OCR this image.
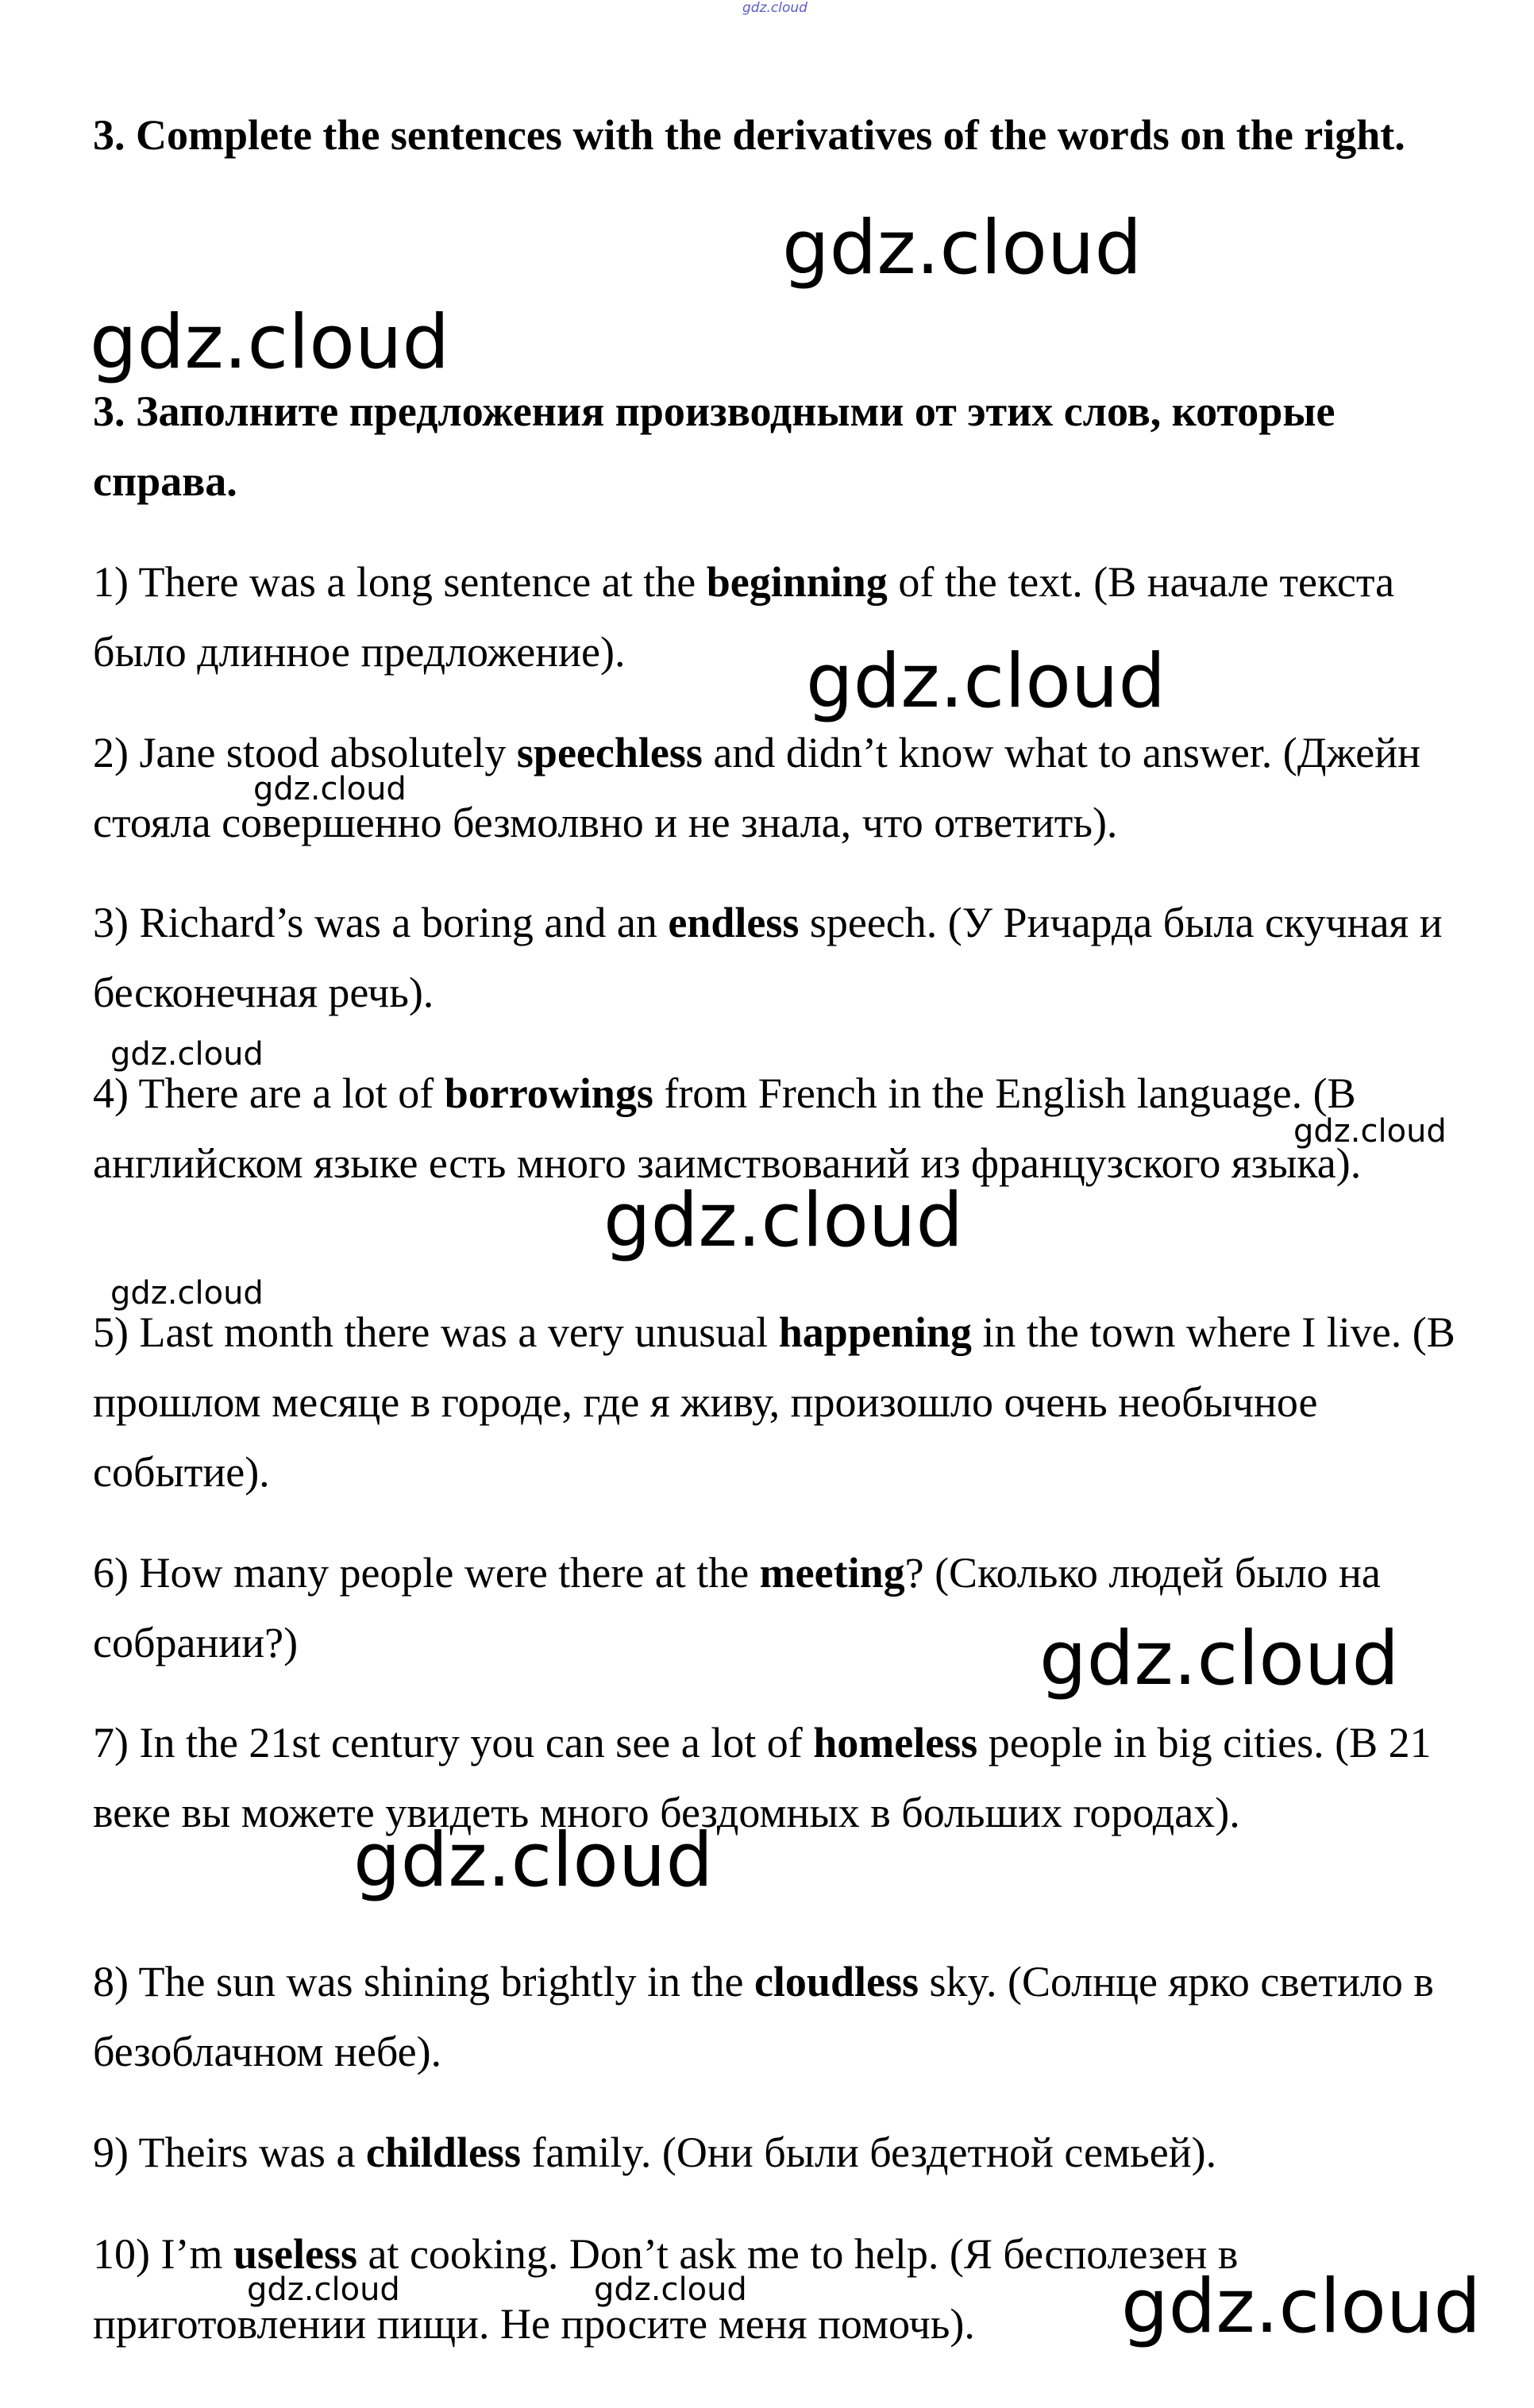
gdz.cloud
3. Complete the sentences with the derivatives of the words on the right.
3. Заполните предложения производными от этих слов, которые справа.
1) There was a long sentence at the beginning of the text. (В начале текста было длинное предложение).
2) Jane stood absolutely speechless and didn’t know what to answer. (Джейн стояла совершенно безмолвно и не знала, что ответить).
3) Richard’s was a boring and an endless speech. (У Ричарда была скучная и бесконечная речь).
4) There are a lot of borrowings from French in the English language. (В английском языке есть много заимствований из французского языка).
5) Last month there was a very unusual happening in the town where I live. (В прошлом месяце в городе, где я живу, произошло очень необычное событие).
6) How many people were there at the meeting? (Сколько людей было на собрании?)
7) In the 21st century you can see a lot of homeless people in big cities. (В 21 веке вы можете увидеть много бездомных в больших городах).
8) The sun was shining brightly in the cloudless sky. (Солнце ярко светило в безоблачном небе).
9) Theirs was a childless family. (Они были бездетной семьей).
10) I’m useless at cooking. Don’t ask me to help. (Я бесполезен в приготовлении пищи. Не просите меня помочь).
gdz.cloud
gdz.cloud
gdz.cloud
gdz.cloud
gdz.cloud
gdz.cloud
gdz.cloud
gdz.cloud
gdz.cloud
gdz.cloud
gdz.cloud
gdz.cloud	gdz.cloud
